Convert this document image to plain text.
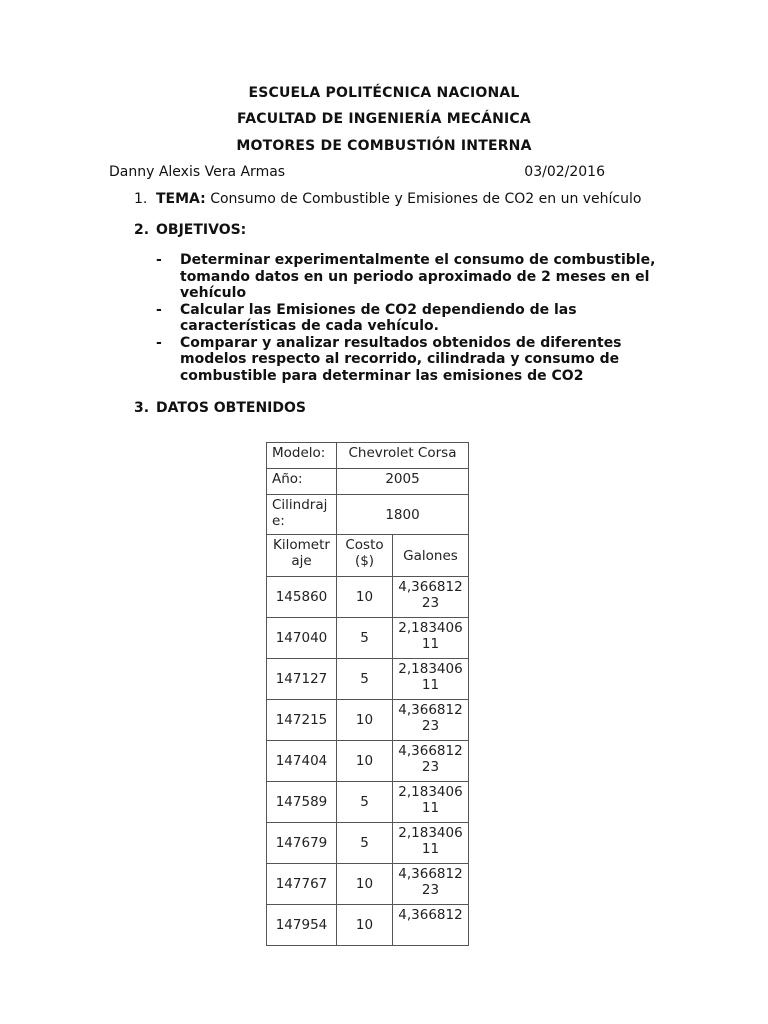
ESCUELA POLITÉCNICA NACIONAL
FACULTAD DE INGENIERÍA MECÁNICA
MOTORES DE COMBUSTIÓN INTERNA
Danny Alexis Vera Armas	03/02/2016
1. TEMA: Consumo de Combustible y Emisiones de CO2 en un vehículo
2. OBJETIVOS:
- Determinar experimentalmente el consumo de combustible, tomando datos en un periodo aproximado de 2 meses en el vehículo
- Calcular las Emisiones de CO2 dependiendo de las características de cada vehículo.
- Comparar y analizar resultados obtenidos de diferentes modelos respecto al recorrido, cilindrada y consumo de combustible para determinar las emisiones de CO2
3. DATOS OBTENIDOS
Modelo:	Chevrolet Corsa	
Año:	2005	
Cilindraje:	1800	
Kilometraje	Costo ($)	Galones
145860	10	4,36681223
147040	5	2,18340611
147127	5	2,18340611
147215	10	4,36681223
147404	10	4,36681223
147589	5	2,18340611
147679	5	2,18340611
147767	10	4,36681223
147954	10	4,366812
